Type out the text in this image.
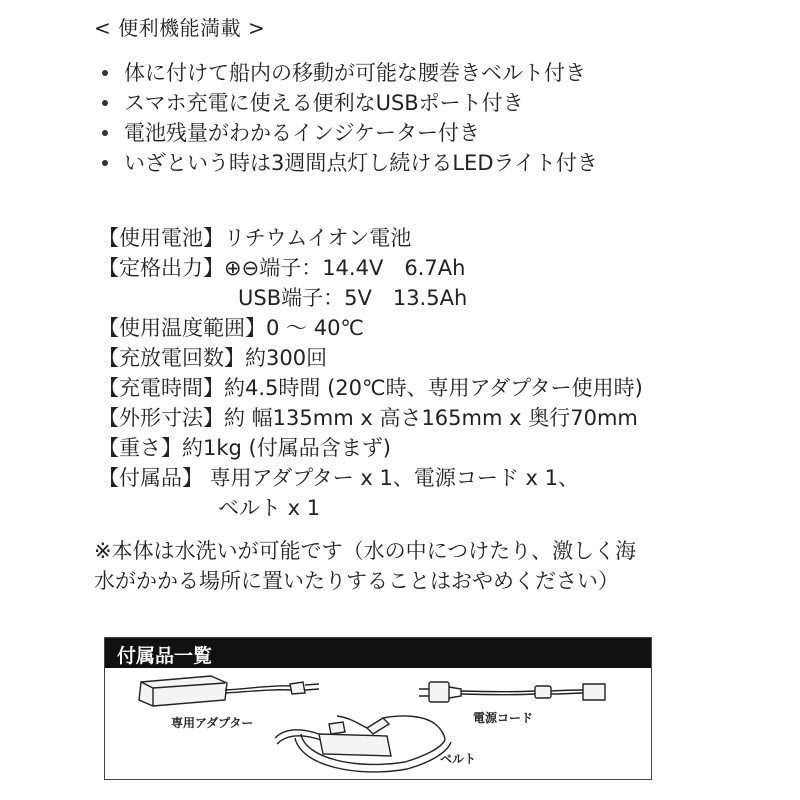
< 便利機能満載 >
体に付けて船内の移動が可能な腰巻きベルト付き
スマホ充電に使える便利なUSBポート付き
電池残量がわかるインジケーター付き
いざという時は3週間点灯し続けるLEDライト付き
【使用電池】リチウムイオン電池
【定格出力】⊕⊖端子：14.4V　6.7Ah
USB端子：5V　13.5Ah
【使用温度範囲】0 ～ 40℃
【充放電回数】約300回
【充電時間】約4.5時間 (20℃時、専用アダプター使用時)
【外形寸法】約 幅135mm x 高さ165mm x 奥行70mm
【重さ】約1kg (付属品含まず)
【付属品】 専用アダプター x 1、電源コード x 1、
ベルト x 1
※本体は水洗いが可能です（水の中につけたり、激しく海
水がかかる場所に置いたりすることはおやめください）
付属品一覧
専用アダプター	電源コード
ベルト
